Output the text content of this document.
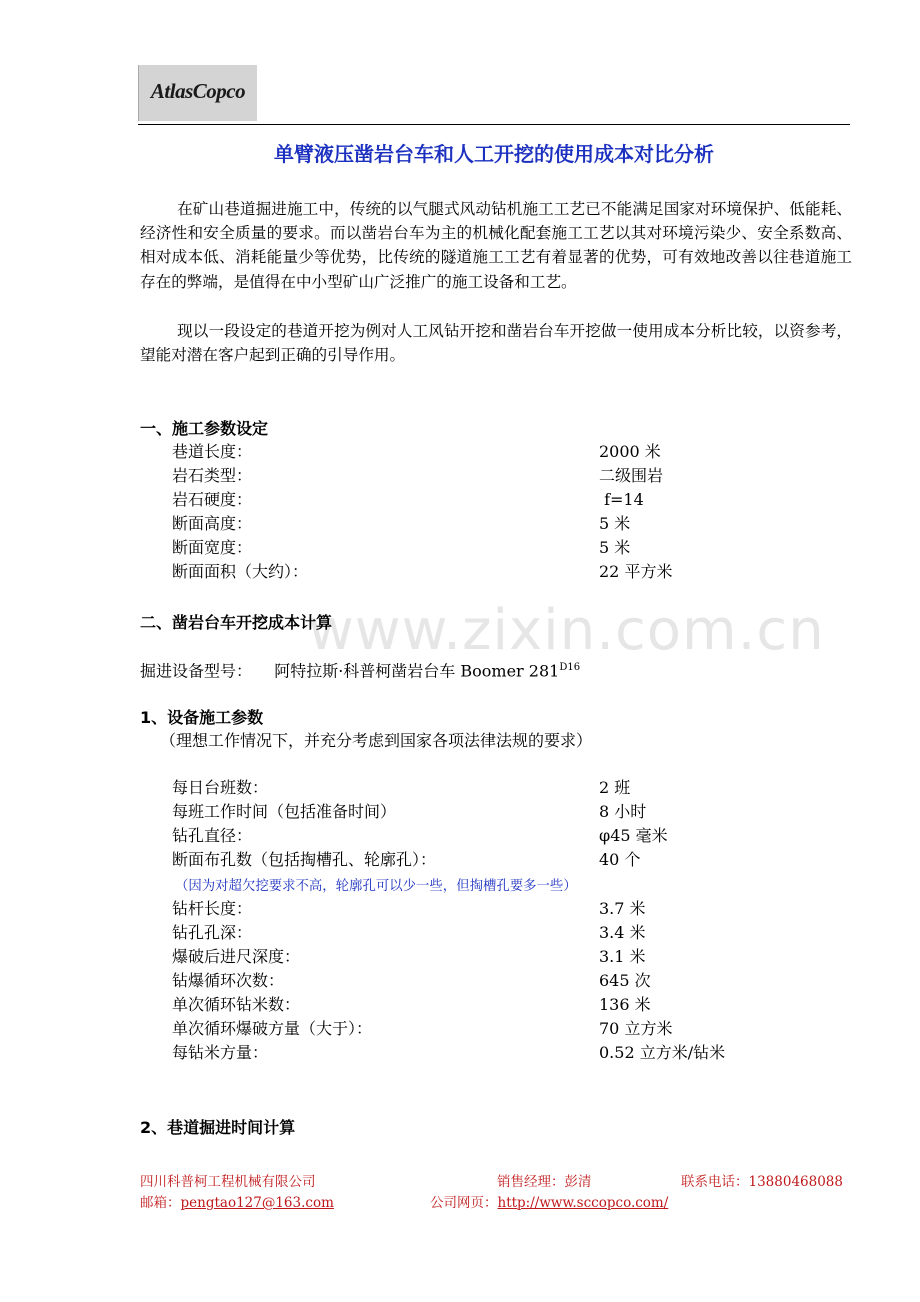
AtlasCopco
单臂液压凿岩台车和人工开挖的使用成本对比分析
在矿山巷道掘进施工中，传统的以气腿式风动钻机施工工艺已不能满足国家对环境保护、低能耗、经济性和安全质量的要求。而以凿岩台车为主的机械化配套施工工艺以其对环境污染少、安全系数高、相对成本低、消耗能量少等优势，比传统的隧道施工工艺有着显著的优势，可有效地改善以往巷道施工存在的弊端，是值得在中小型矿山广泛推广的施工设备和工艺。
现以一段设定的巷道开挖为例对人工风钻开挖和凿岩台车开挖做一使用成本分析比较，以资参考，望能对潜在客户起到正确的引导作用。
一、施工参数设定
巷道长度：	2000 米
岩石类型：	二级围岩
岩石硬度：	f=14
断面高度：	5 米
断面宽度：	5 米
断面面积（大约）：	22 平方米
www.zixin.com.cn
二、凿岩台车开挖成本计算
掘进设备型号： 阿特拉斯·科普柯凿岩台车 Boomer $281^{D16}$
1、设备施工参数
（理想工作情况下，并充分考虑到国家各项法律法规的要求）
每日台班数：	2 班
每班工作时间（包括准备时间）	8 小时
钻孔直径：	φ45 毫米
断面布孔数（包括掏槽孔、轮廓孔）：	40 个
（因为对超欠挖要求不高，轮廓孔可以少一些，但掏槽孔要多一些）
钻杆长度：	3.7 米
钻孔孔深：	3.4 米
爆破后进尺深度：	3.1 米
钻爆循环次数：	645 次
单次循环钻米数：	136 米
单次循环爆破方量（大于）：	70 立方米
每钻米方量：	0.52 立方米/钻米
2、巷道掘进时间计算
四川科普柯工程机械有限公司	销售经理：彭清	联系电话：13880468088
邮箱：pengtao127@163.com	公司网页：http://www.sccopco.com/
